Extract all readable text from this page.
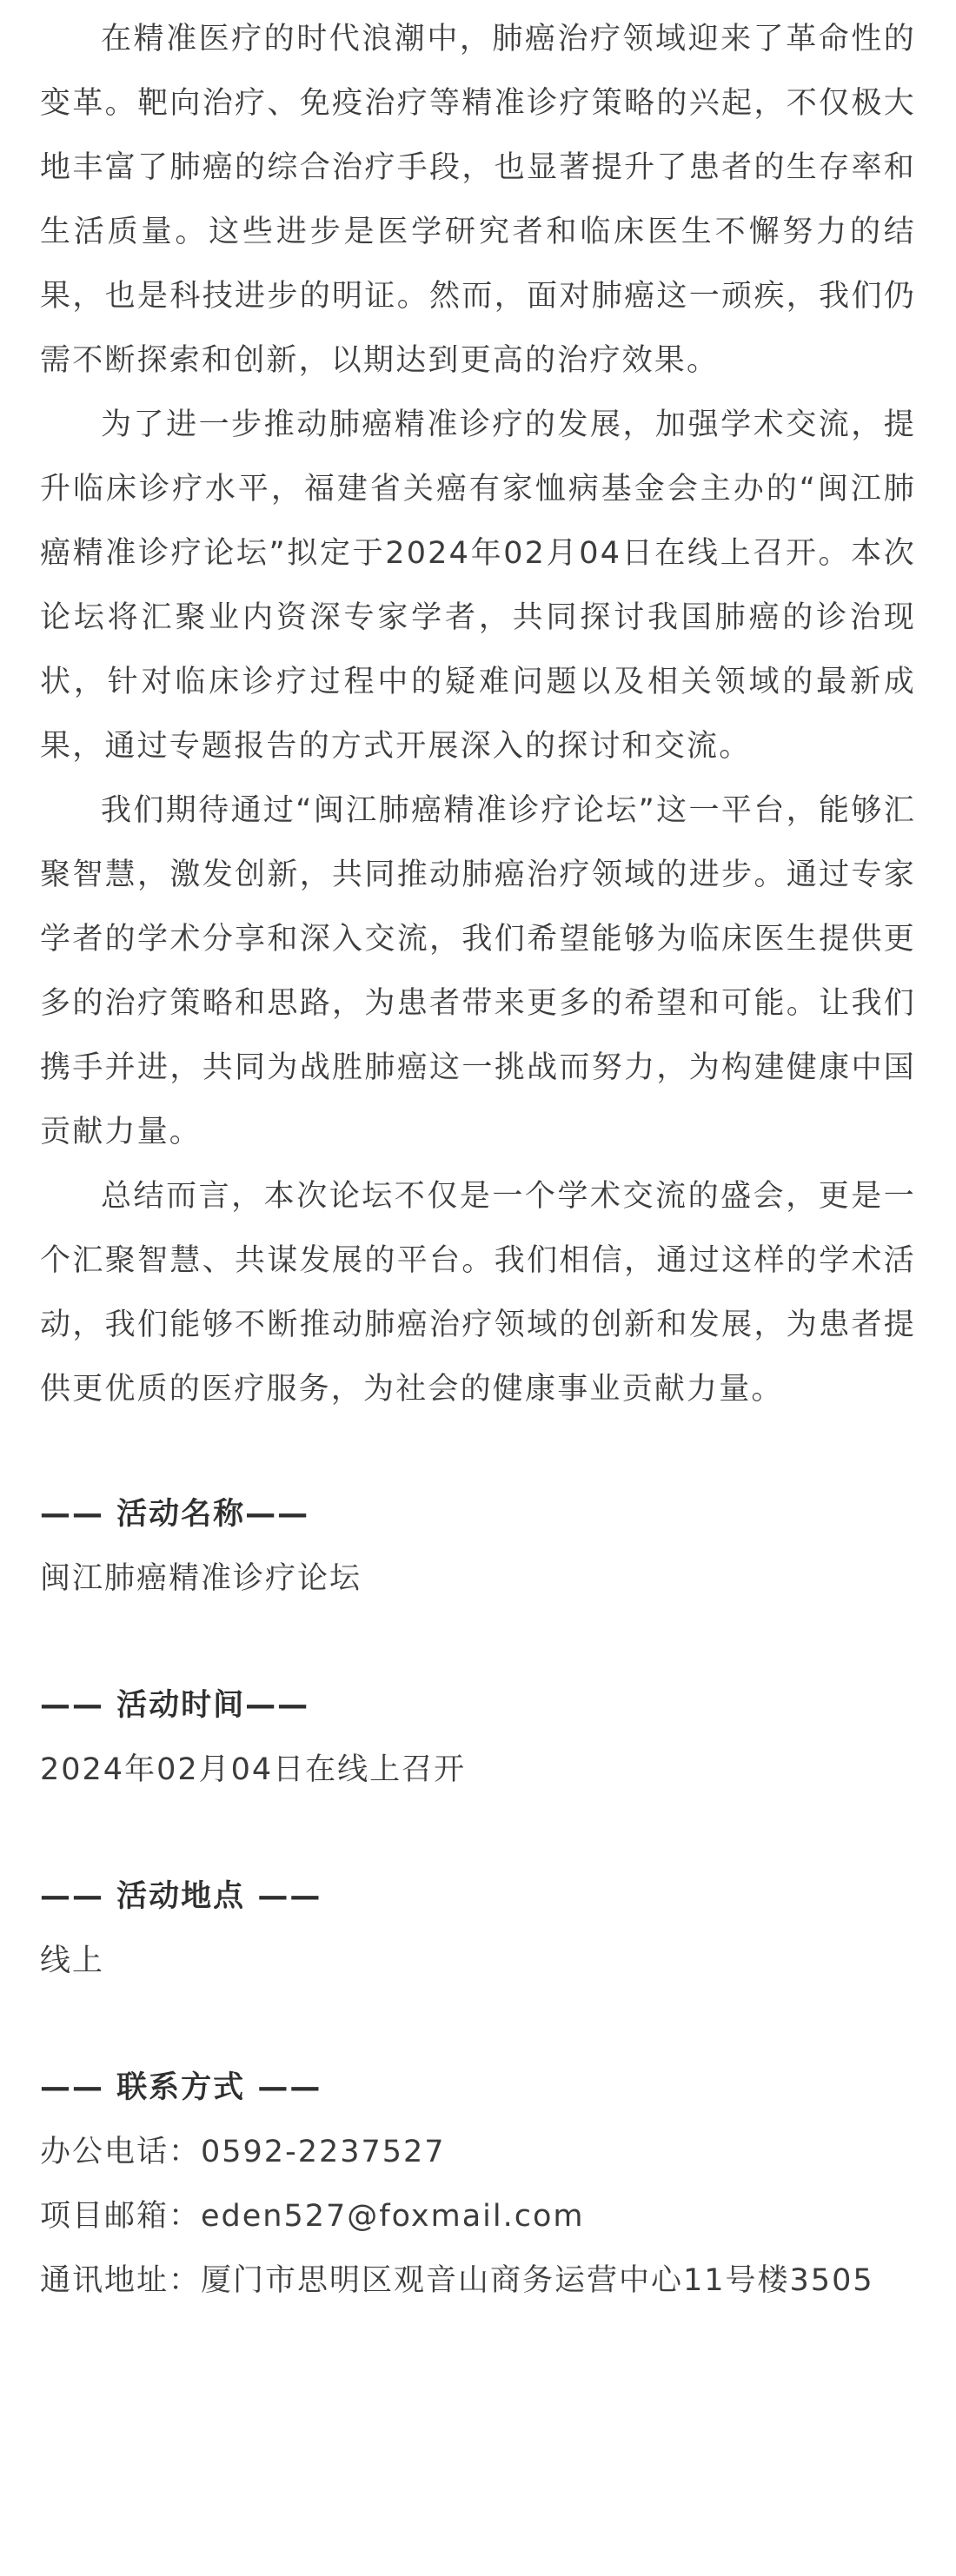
在精准医疗的时代浪潮中，肺癌治疗领域迎来了革命性的变革。靶向治疗、免疫治疗等精准诊疗策略的兴起，不仅极大地丰富了肺癌的综合治疗手段，也显著提升了患者的生存率和生活质量。这些进步是医学研究者和临床医生不懈努力的结果，也是科技进步的明证。然而，面对肺癌这一顽疾，我们仍需不断探索和创新，以期达到更高的治疗效果。

为了进一步推动肺癌精准诊疗的发展，加强学术交流，提升临床诊疗水平，福建省关癌有家恤病基金会主办的“闽江肺癌精准诊疗论坛”拟定于2024年02月04日在线上召开。本次论坛将汇聚业内资深专家学者，共同探讨我国肺癌的诊治现状，针对临床诊疗过程中的疑难问题以及相关领域的最新成果，通过专题报告的方式开展深入的探讨和交流。

我们期待通过“闽江肺癌精准诊疗论坛”这一平台，能够汇聚智慧，激发创新，共同推动肺癌治疗领域的进步。通过专家学者的学术分享和深入交流，我们希望能够为临床医生提供更多的治疗策略和思路，为患者带来更多的希望和可能。让我们携手并进，共同为战胜肺癌这一挑战而努力，为构建健康中国贡献力量。

总结而言，本次论坛不仅是一个学术交流的盛会，更是一个汇聚智慧、共谋发展的平台。我们相信，通过这样的学术活动，我们能够不断推动肺癌治疗领域的创新和发展，为患者提供更优质的医疗服务，为社会的健康事业贡献力量。

—— 活动名称——
闽江肺癌精准诊疗论坛
—— 活动时间——
2024年02月04日在线上召开
—— 活动地点 ——
线上
—— 联系方式 ——
办公电话：0592-2237527
项目邮箱：eden527@foxmail.com
通讯地址：厦门市思明区观音山商务运营中心11号楼3505
